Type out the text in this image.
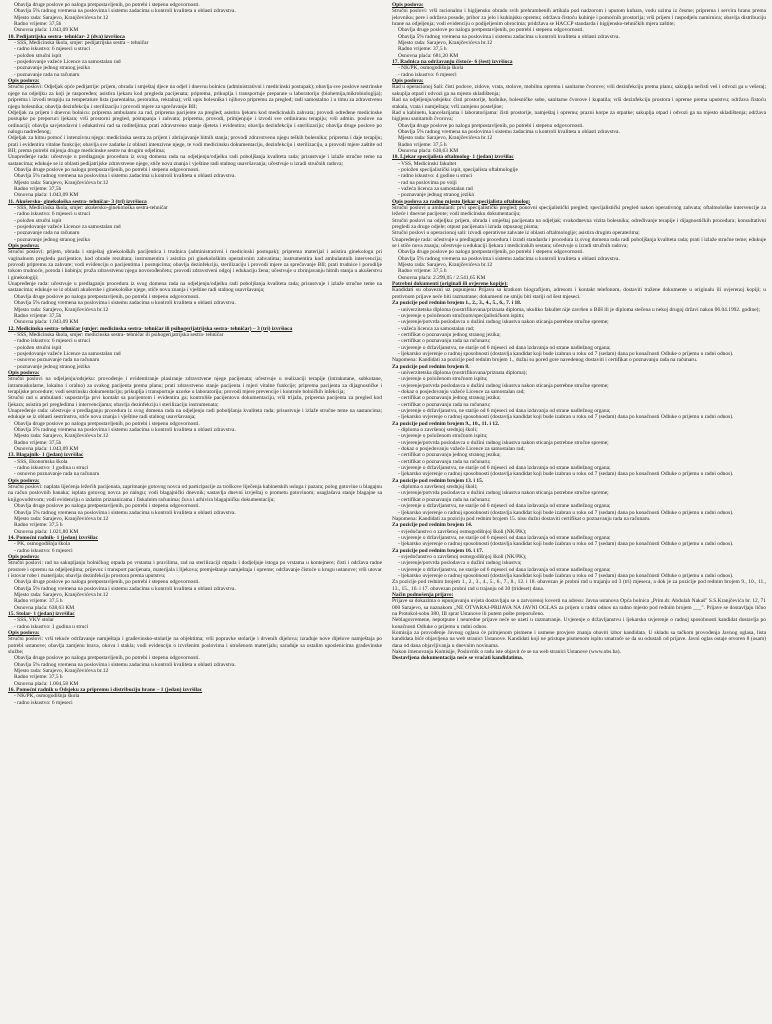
Obavlja druge poslove po nalogu pretpostavljenih, po potrebi i stepenu odgovornosti.
Obavlja 5% radnog vremena na poslovima i sistemu zadacima u kontroli kvaliteta u oblasti zdravstva.
Mjesto rada: Sarajevo, Kranjčevićeva br.12
Radno vrijeme: 37,5h
Osnovna plaća: 1.043,09 KM
10. Pedijatrijska sestra- tehničar- 2 (dva) izvršioca
- SSS, Medicinska škola, smjer: pedijatrijska sestra – tehničar
- radno iskustvo: 6 mjeseci u struci
- položen stručni ispit
- posjedovanje važeće Licence za samostalan rad
- poznavanje jednog stranog jezika
- poznavanje rada na računaru
Opis poslova:
Stručni poslovi: Odjeljak opće pedijatrije: prijem, obrada i smještaj djece na odjel i dnevnu bolnicu (administrativni i medicinski postupak); obavlja sve poslove sestrinske njege na odjeljku za koji je raspoređen; asistira ljekaru kod pregleda pacijenata; priprema, prikuplja i transportuje preparate u laboratoriju (biohemija,mikrobiologija); priprema i izvodi terapiju za temperature lista (parentalna, peroralna, rektalna); vrši upis bolesnika i njihovo pripremu za pregled; radi samostalno i u timu za zdravstvenu njegu bolesnika; obavlja dezinfekciju i sterilizaciju i provodi mjere za sprečavanje BII;
Odjeljak za prijem i dnevnu bolnicu: priprema ambulantu za rad, priprema pacijente za pregled; asistira ljekaru kod medicinskih zahvata; provodi određene medicinske postupke po preporuci ljekara; vrši prostorni pregled, postupanja i zahvata; priprema, provodi, primjenjuje i izvodi sve ordiniranu terapiju; vrši admin. poslove na ordinaciji; obavlja savjetodavni i edukativni rad sa roditeljima; prati zdravstveno stanje djeteta i evidentira; obavlja dezinfekciju i sterilizaciju; obavlja druge poslove po nalogu nadređenog;
Odjeljak za hitnu pomoć i intenzivnu njegu: medicinska sestra za prijem i zbrinjavanje hitnih stanja; provodi zdravstvenu njegu teških bolesnika; priprema i daje terapiju; prati i evidentira vitalne funkcije; obavlja sve zadatke iz oblasti intenzivne njege, te vodi medicinsku dokumentaciju, dezinfekciju i sterilizaciju, a provodi mjere zaštite od BII; prema potrebi mijenja druge medicinske sestre na drugim odjelima;
Unapređenje rada: učestvuje u predlaganju procedura iz svog domena rada na odjeljenju/odjelku radi poboljšanja kvaliteta rada; prisustvuje i izlaže stručne teme na sastancima; edukuje se iz oblasti pedijatrijske zdravstvene njege, stiče nova znanja i vještine radi stalnog usavršavanja; učestvuje u izradi stručnih radova;
Obavlja druge poslove po nalogu pretpostavljenih, po potrebi i stepenu odgovornosti.
Obavlja 5% radnog vremena na poslovima i sistemu zadacima u kontroli kvaliteta u oblasti zdravstva.
Mjesto rada: Sarajevo, Kranjčevićeva br.12
Radno vrijeme: 37,5h
Osnovna plaća: 1.043,09 KM
11. Akušersko- ginekološka sestra- tehničar- 3 (tri) izvršioca
- SSS, Medicinska škola, smjer: akušersko-ginekološka sestra-tehničar
- radno iskustvo: 6 mjeseci u struci
- položen stručni ispit
- posjedovanje važeće Licence za samostalan rad
- poznavanje rada na računaru
- poznavanje jednog stranog jezika
Opis poslova:
Stručni poslovi: prijem, obrada i smještaj ginekoloških pacijentica i trudnica (administrativni i medicinski postupak); priprema materijal i asistira ginekologu pri vaginalnom pregledu pacijentice, kod obrade rezultata; instrumentira i asistira pri ginekološkim operativnim zahvatima; instrumentira kod ambulantnih intervencija; provodi pripremu za zahvate; vodi evidenciju o pacijentima i postupcima; obavlja dezinfekciju, sterilizaciju i provodi mjere za sprečavanje BII; prati trudnice i porodilje tokom trudnoće, poroda i babinja; pruža zdravstvenu njegu novorođenčetu; provodi zdravstveni odgoj i edukaciju žena; učestvuje u zbrinjavanju hitnih stanja u akušerstvu i ginekologiji;
Unapređenje rada: učestvuje u predlaganju procedura iz svog domena rada na odjeljenju/odjelku radi poboljšanja kvaliteta rada; prisustvuje i izlaže stručne teme na sastancima; edukuje se iz oblasti akušerske i ginekološke njege, stiče nova znanja i vještine radi stalnog usavršavanja;
Obavlja druge poslove po nalogu pretpostavljenih, po potrebi i stepenu odgovornosti.
Obavlja 5% radnog vremena na poslovima i sistemu zadacima u kontroli kvaliteta u oblasti zdravstva.
Mjesto rada: Sarajevo, Kranjčevićeva br.12
Radno vrijeme: 37,5h
Osnovna plaća: 1.043,09 KM
12. Medicinska sestra- tehničar (smjer: medicinska sestra- tehničar ili psihogerijatrijska sestra- tehničar) – 3 (tri) izvršioca
- SSS, Medicinska škola, smjer: medicinska sestra- tehničar ili psihogerijatrijska sestra- tehničar
- radno iskustvo: 6 mjeseci u struci
- položen stručni ispit
- posjedovanje važeće Licence za samostalan rad
- osnovno poznavanje rada na računaru
- poznavanje jednog stranog jezika
Opis poslova:
Stručni poslovi na odjeljenju/odsjeku: provođenje i evidentiranje plasiranje zdravstvene njege pacijenata; učestvuje u realizaciji terapije (intrakutane, subkutane, intramuskularne, lokalno i oralno) za svakog pacijenta prema planu; prati zdravstveno stanje pacijenta i mjeri vitalne funkcije; priprema pacijenta za dijagnostičke i terapijske procedure; vodi sestrinsku dokumentaciju; prikuplja i transportuje uzorke u laboratoriju; provodi mjere prevencije i kontrole bolničkih infekcija;
Stručni rad u ambulanti: uspostavlja prvi kontakt sa pacijentom i evidentira ga; kontroliše pacijentovu dokumentaciju, vrši trijažu, priprema pacijenta za pregled kod ljekara; asistira pri pregledima i intervencijama; obavlja dezinfekciju i sterilizaciju instrumenata;
Unapređenje rada: učestvuje u predlaganju procedura iz svog domena rada na odjeljenju radi poboljšanja kvaliteta rada; prisustvuje i izlaže stručne teme na sastancima; edukuje se iz oblasti sestrinstva, stiče nova znanja i vještine radi stalnog usavršavanja;
Obavlja druge poslove po nalogu pretpostavljenih, po potrebi i stepenu odgovornosti.
Obavlja 5% radnog vremena na poslovima i sistemu zadacima u kontroli kvaliteta u oblasti zdravstva.
Mjesto rada: Sarajevo, Kranjčevićeva br.12
Radno vrijeme: 37,5h
Osnovna plaća: 1.043,09 KM
13. Blagajnik- 1 (jedan) izvršilac
- SSS, Ekonomska škola
- radno iskustvo: 1 godina u struci
- osnovno poznavanje rada na računaru
Opis poslova:
Stručni poslovi: naplata lijećenja ležećih pacijenata, zaprimanje gotovog novca od participacije za troškove liječenja kabinetskih usluga i pazara; polog gotovine u blagajnu na račun poslovnih banaka; isplata gotovog novca po nalogu; vodi blagajnički dnevnik; sastavlja dnevni izvještaj o prometu gotovinom; usaglašava stanje blagajne sa knjigovodstvom; vodi evidenciju o izdatim priznanicama i fiskalnim računima; čuva i arhivira blagajničku dokumentaciju;
Obavlja druge poslove po nalogu pretpostavljenih, po potrebi i stepenu odgovornosti.
Obavlja 5% radnog vremena na poslovima i sistemu zadacima u kontroli kvaliteta u oblasti zdravstva.
Mjesto rada: Sarajevo, Kranjčevićeva br.12
Radno vrijeme: 37,5 h
Osnovna plaća: 1.021,80 KM
14. Pomoćni radnik- 1 (jedan) izvršilac
- PK, osmogodišnja škola
- radno iskustvo: 6 mjeseci
Opis poslova:
Stručni poslovi: rad na sakupljanju bolničkog otpada po vrstama i pravilima, rad na sterilizaciji otpada i dodjeljuje istoga po vrstama u kontejnere; čisti i održava radne prostore i opremu na odjeljenjima; prijevoz i transport pacijenata, materijala i lijekova; premještanje namještaja i opreme; održavanje čistoće u krugu ustanove; vrši utovar i istovar robe i materijala; obavlja dezinfekciju prostora prema uputstvu;
Obavlja druge poslove po nalogu pretpostavljenih, po potrebi i stepenu odgovornosti.
Obavlja 5% radnog vremena na poslovima i sistemu zadacima u kontroli kvaliteta u oblasti zdravstva.
Mjesto rada: Sarajevo, Kranjčevićeva br.12
Radno vrijeme: 37,5 h
Osnovna plaća: 638,63 KM
15. Stolar- 1 (jedan) izvršilac
- SSS, VKV stolar
- radno iskustvo: 1 godina u struci
Opis poslova:
Stručni poslovi: vrši tekuće održavanje namještaja i građevinsko-stolarije na objektima; vrši popravke stolarije i drvenih dijelova; izrađuje nove dijelove namještaja po potrebi ustanove; obavlja zamjenu brava, okova i stakla; vodi evidenciju o izvršenim poslovima i utrošenom materijalu; sarađuje sa ostalim uposlenicima građevinske službe;
Obavlja druge poslove po nalogu pretpostavljenih, po potrebi i stepenu odgovornosti.
Obavlja 5% radnog vremena na poslovima i sistemu zadacima u kontroli kvaliteta u oblasti zdravstva.
Mjesto rada: Sarajevo, Kranjčevićeva br.12
Radno vrijeme: 37,5 h
Osnovna plaća: 1.004,58 KM
16. Pomoćni radnik u Odsjeku za pripremu i distribuciju hrane – 1 (jedan) izvršilac
- NK/PK, osmogodišnja škola
- radno iskustvo: 6 mjeseci
Opis poslova:
Stručni poslovi: vrši racionalnu i higijensku obradu svih prehrambenih artikala pod nadzorom i uputom kuhara, vodu uzima iz česme; priprema i servira hranu prema jelovniku; pere i održava posuđe, pribor za jelo i kuhinjsku opremu; održava čistoću kuhinje i pomoćnih prostorija; vrši prijem i raspodjelu namirnica; obavlja distribuciju hrane na odjeljenja; vodi evidenciju o podijeljenim obrocima; pridržava se HACCP standarda i higijensko-tehničkih mjera zaštite;
Obavlja druge poslove po nalogu pretpostavljenih, po potrebi i stepenu odgovornosti.
Obavlja 5% radnog vremena na poslovima i sistemu zadacima u kontroli kvaliteta u oblasti zdravstva.
Mjesto rada: Sarajevo, Kranjčevićeva br.12
Radno vrijeme: 37,5 h
Osnovna plaća: 681,20 KM
17. Radnica na održavanju čistoće- 6 (šest) izvršioca
- NK/PK, osmogodišnja škola
- radno iskustvo: 6 mjeseci
Opis poslova:
Rad u operacionoj Sali: čisti podove, zidove, vrata, stolove, mobilnu opremu i sanitarne čvorove; vrši dezinfekciju prema planu; sakuplja nečisti veš i odvozi ga u vešeraj; sakuplja otpad i odvozi ga na mjesto skladištenja;
Rad na odjeljenju/odsjeku: čisti prostorije, hodnike, bolesničke sobe, sanitarne čvorove i kupatila; vrši dezinfekciju prostora i opreme prema uputstvu; održava čistoću stakala, vrata i namještaja; vrši zamjenu posteljine;
Rad u kabinetu, kancelarijama i laboratorijama: čisti prostorije, namještaj i opremu; prazni korpe za otpatke; sakuplja otpad i odvozi ga na mjesto skladištenja; održava higijenu sanitarnih čvorova;
Obavlja druge poslove po nalogu pretpostavljenih, po potrebi i stepenu odgovornosti.
Obavlja 5% radnog vremena na poslovima i sistemu zadacima u kontroli kvaliteta u oblasti zdravstva.
Mjesto rada: Sarajevo, Kranjčevićeva br.12
Radno vrijeme: 37,5 h
Osnovna plaća: 638,63 KM
18. Ljekar specijalista oftalmolog- 1 (jedan) izvršilac
- VSS, Medicinski fakultet
- položen specijalistički ispit, specijalista oftalmologije
- radno iskustvo: 4 godine u struci
- rad na poslovima po volji
- važeća licenca za samostalan rad
- poznavanje jednog stranog jezika
Opis poslova za radno mjesto ljekar specijalista oftalmolog:
Stručni poslovi u ambulanti: prvi specijalistički pregled; ponovni specijalistički pregled; specijalistički pregled nakon operativnog zahvata; oftalmološke intervencije za ležeće i dnevne pacijente; vodi medicinsku dokumentaciju;
Stručni poslovi na odjeljku: prijem, obrada i smještaj pacijenata na odjeljak; svakodnevna vizita bolesnika; određivanje terapije i dijagnostičkih procedura; konsultativni pregledi za druge odjele; otpust pacijenata i izrada otpusnog pisma;
Stručni poslovi u operacionoj sali: izvodi operativne zahvate iz oblasti oftalmologije; asistira drugim operaterima;
Unapređenje rada: učestvuje u predlaganju procedura i izradi standarda i procedura iz svog domena rada radi poboljšanja kvaliteta rada; prati i izlaže stručne teme; edukuje se i stiče nova znanja; učestvuje u edukaciji ljekara i medicinskih sestara; učestvuje u izradi stručnih radova;
Obavlja druge poslove po nalogu pretpostavljenih, po potrebi i stepenu odgovornosti.
Obavlja 5% radnog vremena na poslovima i sistemu zadacima u kontroli kvaliteta u oblasti zdravstva.
Mjesto rada: Sarajevo, Kranjčevićeva br.12
Radno vrijeme: 37,5 h
Osnovna plaća: 2.299,05 / 2.541,65 KM
Potrebni dokumenti (originali ili ovjerene kopije):
Kandidati su obavezni uz popunjenu Prijavu sa kratkom biografijom, adresom i kontakt telefonom, dostaviti tražene dokumente u originalu ili ovjerenoj kopiji; u protivnom prijave neće biti razmatrane; dokumenti ne smiju biti stariji od šest mjeseci.
Za pozicije pod rednim brojem 1., 2., 3., 4., 5., 6., 7. i 18.
- univerzitetska diploma (nostrifikovana/priznata diploma, ukoliko fakultet nije završen u BiH ili je diploma stečena u nekoj drugoj državi nakon 06.04.1992. godine);
- uvjerenje o položenom stručnom/specijalističkom ispitu;
- uvjerenje/potvrda poslodavca o dužini radnog iskustva nakon sticanja potrebne stručne spreme;
- važeća licenca za samostalan rad;
- certifikat o poznavanju jednog stranog jezika;
- certifikat o poznavanju rada na računaru;
- uvjerenje o državljanstvu, ne starije od 6 mjeseci od dana izdavanja od strane nadležnog organa;
- ljekarsko uvjerenje o radnoj sposobnosti (dostavlja kandidat koji bude izabran u roku od 7 (sedam) dana po konačnosti Odluke o prijemu u radni odnos).
Napomena: Kandidati za pozicije pod rednim brojem 1., dužni su pored gore navedenog dostaviti i certifikat o poznavanju rada na računaru.
Za pozicije pod rednim brojem 8.
- univerzitetska diploma (nostrifikovana/priznata diploma);
- uvjerenje o položenom stručnom ispitu;
- uvjerenje/potvrda poslodavca o dužini radnog iskustva nakon sticanja potrebne stručne spreme;
- dokaz o posjedovanju važeće Licence za samostalan rad;
- certifikat o poznavanju jednog stranog jezika;
- certifikat o poznavanju rada na računaru;
- uvjerenje o državljanstvu, ne starije od 6 mjeseci od dana izdavanja od strane nadležnog organa;
- ljekarsko uvjerenje o radnoj sposobnosti (dostavlja kandidat koji bude izabran u roku od 7 (sedam) dana po konačnosti Odluke o prijemu u radni odnos).
Za pozicije pod rednim brojem 9., 10., 11. i 12.
- diploma o završenoj srednjoj školi;
- uvjerenje o položenom stručnom ispitu;
- uvjerenje/potvrda poslodavca o dužini radnog iskustva nakon sticanja potrebne stručne spreme;
- dokaz o posjedovanju važeće Licence za samostalan rad;
- certifikat o poznavanju jednog stranog jezika;
- certifikat o poznavanju rada na računaru;
- uvjerenje o državljanstvu, ne starije od 6 mjeseci od dana izdavanja od strane nadležnog organa;
- ljekarsko uvjerenje o radnoj sposobnosti (dostavlja kandidat koji bude izabran u roku od 7 (sedam) dana po konačnosti Odluke o prijemu u radni odnos).
Za pozicije pod rednim brojem 13. i 15.
- diploma o završenoj srednjoj školi;
- uvjerenje/potvrda poslodavca o dužini radnog iskustva nakon sticanja potrebne stručne spreme;
- certifikat o poznavanju rada na računaru;
- uvjerenje o državljanstvu, ne starije od 6 mjeseci od dana izdavanja od strane nadležnog organa;
- ljekarsko uvjerenje o radnoj sposobnosti (dostavlja kandidat koji bude izabran u roku od 7 (sedam) dana po konačnosti Odluke o prijemu u radni odnos).
Napomena: Kandidati za poziciju pod rednim brojem 15. nisu dužni dostaviti certifikat o poznavanju rada na računaru.
Za pozicije pod rednim brojem 14.
- svjedočanstvo o završenoj osmogodišnjoj školi (NK/PK);
- uvjerenje o državljanstvu, ne starije od 6 mjeseci od dana izdavanja od strane nadležnog organa;
- ljekarsko uvjerenje o radnoj sposobnosti (dostavlja kandidat koji bude izabran u roku od 7 (sedam) dana po konačnosti Odluke o prijemu u radni odnos).
Za pozicije pod rednim brojem 16. i 17.
- svjedočanstvo o završenoj osmogodišnjoj školi (NK/PK);
- uvjerenje/potvrda poslodavca o dužini radnog iskustva;
- uvjerenje o državljanstvu, ne starije od 6 mjeseci od dana izdavanja od strane nadležnog organa;
- ljekarsko uvjerenje o radnoj sposobnosti (dostavlja kandidat koji bude izabran u roku od 7 (sedam) dana po konačnosti Odluke o prijemu u radni odnos).
Za pozicije pod rednim brojem 1., 2., 3., 4., 5., 6., 7., 8., 12. i 18. obavezan je probni rad u trajanju od 3 (tri) mjeseca, a dok je za pozicije pod rednim brojem 9., 10., 11., 13., 15., 16. i 17. obavezan probni rad u trajanju od 30 (trideset) dana.
Način podnošenja prijave:
Prijave sa dokazima o ispunjavanju uvjeta dostavljaju se u zatvorenoj koverti na adresu: Javna ustanova Opća bolnica „Prim.dr. Abdulah Nakaš" S.S.Kranjčevića br. 12, 71 000 Sarajevo, sa naznakom „NE OTVARAJ-PRIJAVA NA JAVNI OGLAS za prijem u radni odnos na radno mjesto pod rednim brojem ___". Prijave se dostavljaju lično na Protokol-sobu 380, III sprat Ustanove ili putem pošte preporučeno.
Neblagovremene, nepotpune i neuredne prijave neće se uzeti u razmatranje. Uvjerenje o državljanstvu i ljekarsko uvjerenje o radnoj sposobnosti kandidat dostavlja po konačnosti Odluke o prijemu u radni odnos.
Komisija za provođenje Javnog oglasa će primjenom pismene i usmene provjere znanja obaviti izbor kandidata. U skladu sa tačkom provođenja Javnog oglasa, lista kandidata biće objavljena na web stranici Ustanove. Kandidati koji ne pristupe pismenom ispitu smatraće se da su odustali od prijave. Javni oglas ostaje otvoren 8 (osam) dana od dana objavljivanja u dnevnim novinama.
Nakon imenovanja Komisije, Poslovnik o radu iste objavit će se na web stranici Ustanove (www.obs.ba).
Dostavljena dokumentacija neće se vraćati kandidatima.
